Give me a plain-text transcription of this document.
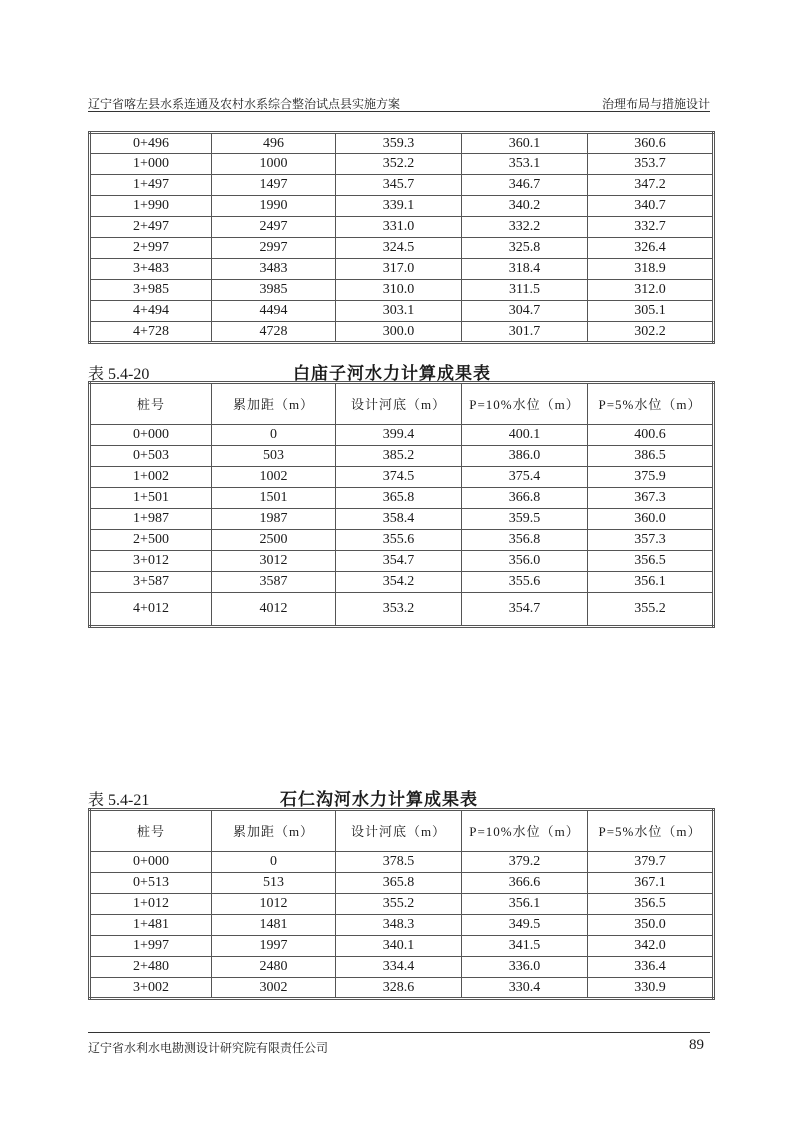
辽宁省喀左县水系连通及农村水系综合整治试点县实施方案	治理布局与措施设计
0+496	496	359.3	360.1	360.6
1+000	1000	352.2	353.1	353.7
1+497	1497	345.7	346.7	347.2
1+990	1990	339.1	340.2	340.7
2+497	2497	331.0	332.2	332.7
2+997	2997	324.5	325.8	326.4
3+483	3483	317.0	318.4	318.9
3+985	3985	310.0	311.5	312.0
4+494	4494	303.1	304.7	305.1
4+728	4728	300.0	301.7	302.2
表 5.4-20	白庙子河水力计算成果表
桩号	累加距（m）	设计河底（m）	P=10%水位（m）	P=5%水位（m）
0+000	0	399.4	400.1	400.6
0+503	503	385.2	386.0	386.5
1+002	1002	374.5	375.4	375.9
1+501	1501	365.8	366.8	367.3
1+987	1987	358.4	359.5	360.0
2+500	2500	355.6	356.8	357.3
3+012	3012	354.7	356.0	356.5
3+587	3587	354.2	355.6	356.1
4+012	4012	353.2	354.7	355.2
表 5.4-21	石仁沟河水力计算成果表
桩号	累加距（m）	设计河底（m）	P=10%水位（m）	P=5%水位（m）
0+000	0	378.5	379.2	379.7
0+513	513	365.8	366.6	367.1
1+012	1012	355.2	356.1	356.5
1+481	1481	348.3	349.5	350.0
1+997	1997	340.1	341.5	342.0
2+480	2480	334.4	336.0	336.4
3+002	3002	328.6	330.4	330.9
辽宁省水利水电勘测设计研究院有限责任公司	89
